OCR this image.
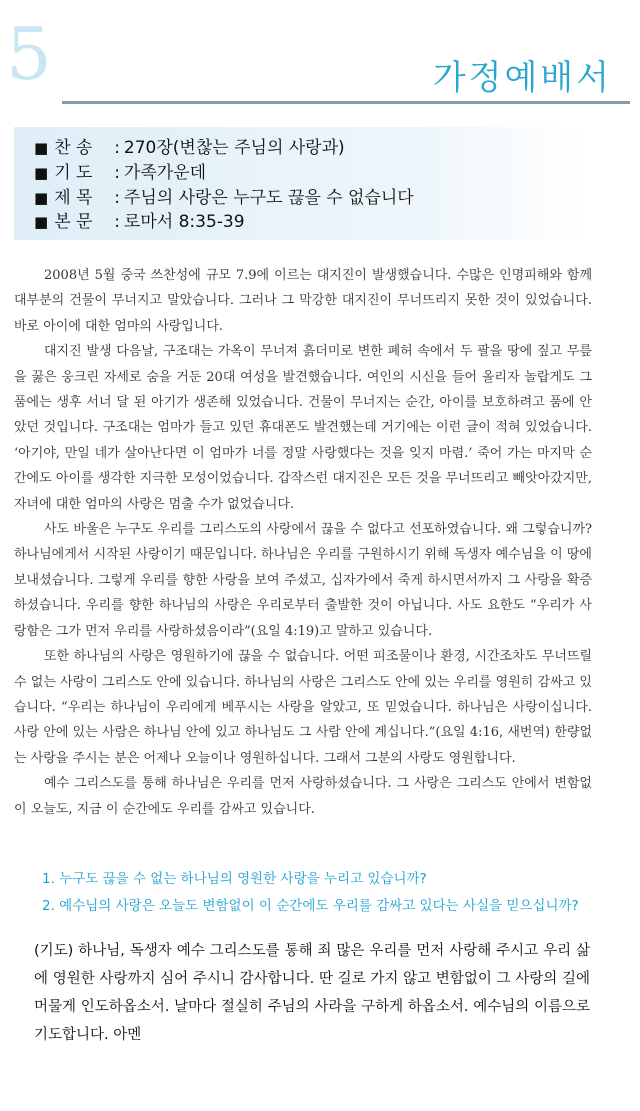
5	가정예배서
■ 찬 송 : 270장(변찮는 주님의 사랑과)
■ 기 도 : 가족가운데
■ 제 목 : 주님의 사랑은 누구도 끊을 수 없습니다
■ 본 문 : 로마서 8:35-39

2008년 5월 중국 쓰찬성에 규모 7.9에 이르는 대지진이 발생했습니다. 수많은 인명피해와 함께 대부분의 건물이 무너지고 말았습니다. 그러나 그 막강한 대지진이 무너뜨리지 못한 것이 있었습니다. 바로 아이에 대한 엄마의 사랑입니다.

대지진 발생 다음날, 구조대는 가옥이 무너져 흙더미로 변한 폐허 속에서 두 팔을 땅에 짚고 무릎을 꿇은 웅크린 자세로 숨을 거둔 20대 여성을 발견했습니다. 여인의 시신을 들어 올리자 놀랍게도 그 품에는 생후 서너 달 된 아기가 생존해 있었습니다. 건물이 무너지는 순간, 아이를 보호하려고 품에 안았던 것입니다. 구조대는 엄마가 들고 있던 휴대폰도 발견했는데 거기에는 이런 글이 적혀 있었습니다. ‘아기야, 만일 네가 살아난다면 이 엄마가 너를 정말 사랑했다는 것을 잊지 마렴.’ 죽어 가는 마지막 순간에도 아이를 생각한 지극한 모성이었습니다. 갑작스런 대지진은 모든 것을 무너뜨리고 빼앗아갔지만, 자녀에 대한 엄마의 사랑은 멈출 수가 없었습니다.

사도 바울은 누구도 우리를 그리스도의 사랑에서 끊을 수 없다고 선포하였습니다. 왜 그렇습니까? 하나님에게서 시작된 사랑이기 때문입니다. 하나님은 우리를 구원하시기 위해 독생자 예수님을 이 땅에 보내셨습니다. 그렇게 우리를 향한 사랑을 보여 주셨고, 십자가에서 죽게 하시면서까지 그 사랑을 확증하셨습니다. 우리를 향한 하나님의 사랑은 우리로부터 출발한 것이 아닙니다. 사도 요한도 “우리가 사랑함은 그가 먼저 우리를 사랑하셨음이라”(요일 4:19)고 말하고 있습니다.

또한 하나님의 사랑은 영원하기에 끊을 수 없습니다. 어떤 피조물이나 환경, 시간조차도 무너뜨릴 수 없는 사랑이 그리스도 안에 있습니다. 하나님의 사랑은 그리스도 안에 있는 우리를 영원히 감싸고 있습니다. “우리는 하나님이 우리에게 베푸시는 사랑을 알았고, 또 믿었습니다. 하나님은 사랑이십니다. 사랑 안에 있는 사람은 하나님 안에 있고 하나님도 그 사람 안에 계십니다.”(요일 4:16, 새번역) 한량없는 사랑을 주시는 분은 어제나 오늘이나 영원하십니다. 그래서 그분의 사랑도 영원합니다.

예수 그리스도를 통해 하나님은 우리를 먼저 사랑하셨습니다. 그 사랑은 그리스도 안에서 변함없이 오늘도, 지금 이 순간에도 우리를 감싸고 있습니다.

1. 누구도 끊을 수 없는 하나님의 영원한 사랑을 누리고 있습니까?
2. 예수님의 사랑은 오늘도 변함없이 이 순간에도 우리를 감싸고 있다는 사실을 믿으십니까?
(기도) 하나님, 독생자 예수 그리스도를 통해 죄 많은 우리를 먼저 사랑해 주시고 우리 삶에 영원한 사랑까지 심어 주시니 감사합니다. 딴 길로 가지 않고 변함없이 그 사랑의 길에 머물게 인도하옵소서. 날마다 절실히 주님의 사라을 구하게 하옵소서. 예수님의 이름으로 기도합니다. 아멘
